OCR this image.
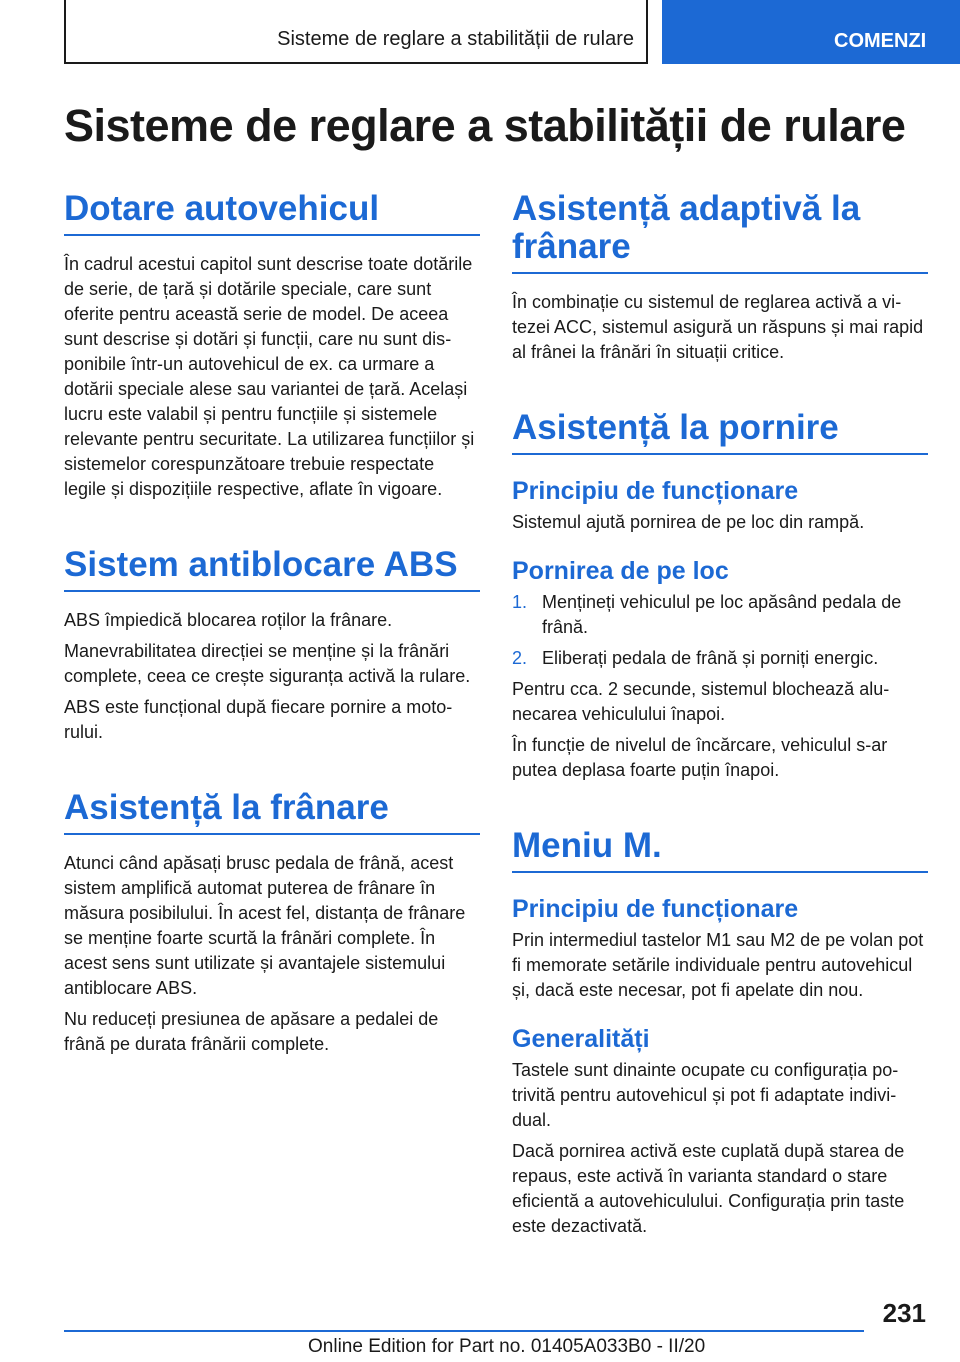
Sisteme de reglare a stabilității de rulare	COMENZI
Sisteme de reglare a stabilității de rulare
Dotare autovehicul

În cadrul acestui capitol sunt descrise toate dotările de serie, de țară și dotările speciale, care sunt oferite pentru această serie de model. De aceea sunt descrise și dotări și funcții, care nu sunt disponibile într-un autovehicul de ex. ca urmare a dotării speciale alese sau variantei de țară. Același lucru este valabil și pentru funcțiile și sistemele relevante pentru securitate. La utilizarea funcțiilor și sistemelor corespunzătoare trebuie respectate legile și dispozițiile respective, aflate în vigoare.

Sistem antiblocare ABS

ABS împiedică blocarea roților la frânare.

Manevrabilitatea direcției se menține și la frânări complete, ceea ce crește siguranța activă la rulare.

ABS este funcțional după fiecare pornire a motorului.

Asistență la frânare

Atunci când apăsați brusc pedala de frână, acest sistem amplifică automat puterea de frânare în măsura posibilului. În acest fel, distanța de frânare se menține foarte scurtă la frânări complete. În acest sens sunt utilizate și avantajele sistemului antiblocare ABS.

Nu reduceți presiunea de apăsare a pedalei de frână pe durata frânării complete.

Asistență adaptivă la frânare

În combinație cu sistemul de reglarea activă a vitezei ACC, sistemul asigură un răspuns și mai rapid al frânei la frânări în situații critice.

Asistență la pornire
Principiu de funcționare

Sistemul ajută pornirea de pe loc din rampă.

Pornirea de pe loc
1. Mențineți vehiculul pe loc apăsând pedala de frână.
2. Eliberați pedala de frână și porniți energic.

Pentru cca. 2 secunde, sistemul blochează alunecarea vehiculului înapoi.

În funcție de nivelul de încărcare, vehiculul s-ar putea deplasa foarte puțin înapoi.

Meniu M.
Principiu de funcționare

Prin intermediul tastelor M1 sau M2 de pe volan pot fi memorate setările individuale pentru autovehicul și, dacă este necesar, pot fi apelate din nou.

Generalități

Tastele sunt dinainte ocupate cu configurația potrivită pentru autovehicul și pot fi adaptate individual.

Dacă pornirea activă este cuplată după starea de repaus, este activă în varianta standard o stare eficientă a autovehiculului. Configurația prin taste este dezactivată.

231
Online Edition for Part no. 01405A033B0 - II/20
